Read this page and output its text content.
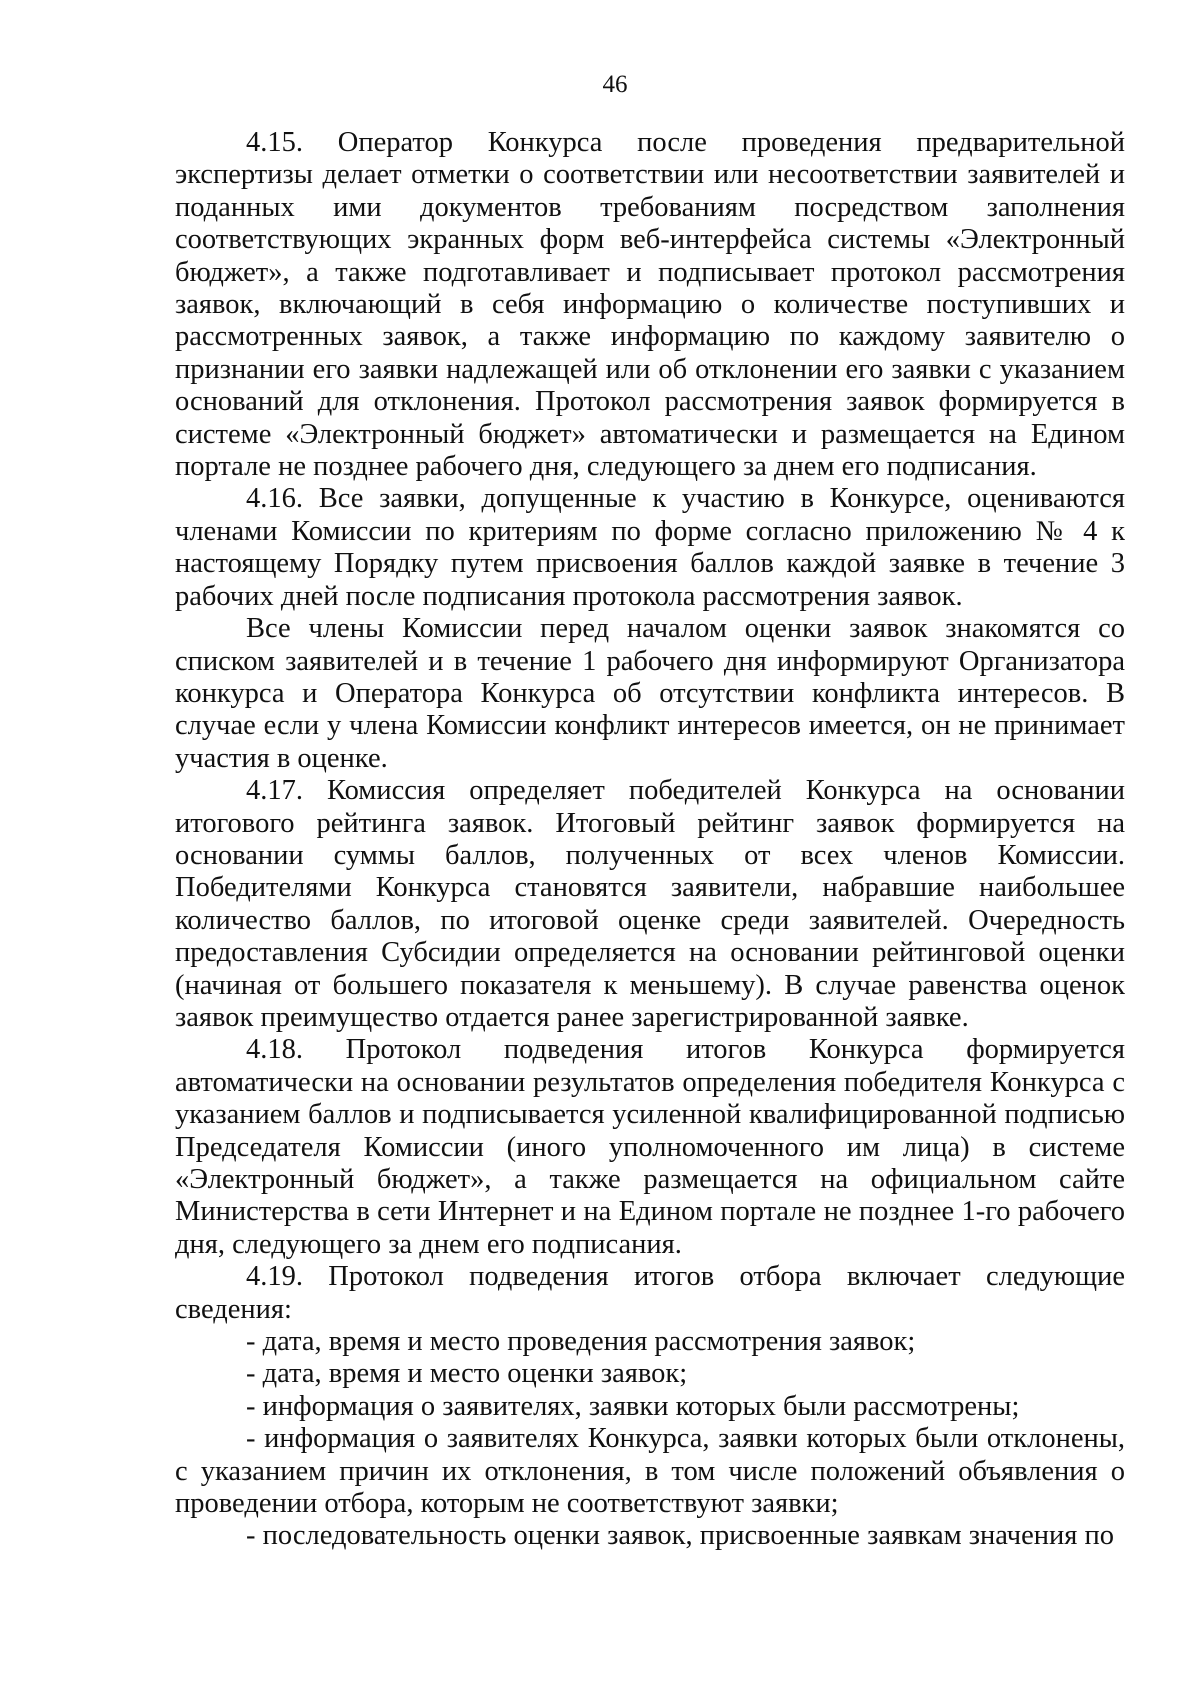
46

4.15. Оператор Конкурса после проведения предварительной экспертизы делает отметки о соответствии или несоответствии заявителей и поданных ими документов требованиям посредством заполнения соответствующих экранных форм веб-интерфейса системы «Электронный бюджет», а также подготавливает и подписывает протокол рассмотрения заявок, включающий в себя информацию о количестве поступивших и рассмотренных заявок, а также информацию по каждому заявителю о признании его заявки надлежащей или об отклонении его заявки с указанием оснований для отклонения. Протокол рассмотрения заявок формируется в системе «Электронный бюджет» автоматически и размещается на Едином портале не позднее рабочего дня, следующего за днем его подписания.

4.16. Все заявки, допущенные к участию в Конкурсе, оцениваются членами Комиссии по критериям по форме согласно приложению № 4 к настоящему Порядку путем присвоения баллов каждой заявке в течение 3 рабочих дней после подписания протокола рассмотрения заявок.

Все члены Комиссии перед началом оценки заявок знакомятся со списком заявителей и в течение 1 рабочего дня информируют Организатора конкурса и Оператора Конкурса об отсутствии конфликта интересов. В случае если у члена Комиссии конфликт интересов имеется, он не принимает участия в оценке.

4.17. Комиссия определяет победителей Конкурса на основании итогового рейтинга заявок. Итоговый рейтинг заявок формируется на основании суммы баллов, полученных от всех членов Комиссии. Победителями Конкурса становятся заявители, набравшие наибольшее количество баллов, по итоговой оценке среди заявителей. Очередность предоставления Субсидии определяется на основании рейтинговой оценки (начиная от большего показателя к меньшему). В случае равенства оценок заявок преимущество отдается ранее зарегистрированной заявке.

4.18. Протокол подведения итогов Конкурса формируется автоматически на основании результатов определения победителя Конкурса с указанием баллов и подписывается усиленной квалифицированной подписью Председателя Комиссии (иного уполномоченного им лица) в системе «Электронный бюджет», а также размещается на официальном сайте Министерства в сети Интернет и на Едином портале не позднее 1-го рабочего дня, следующего за днем его подписания.

4.19. Протокол подведения итогов отбора включает следующие сведения:

- дата, время и место проведения рассмотрения заявок;

- дата, время и место оценки заявок;

- информация о заявителях, заявки которых были рассмотрены;

- информация о заявителях Конкурса, заявки которых были отклонены, с указанием причин их отклонения, в том числе положений объявления о проведении отбора, которым не соответствуют заявки;

- последовательность оценки заявок, присвоенные заявкам значения по
